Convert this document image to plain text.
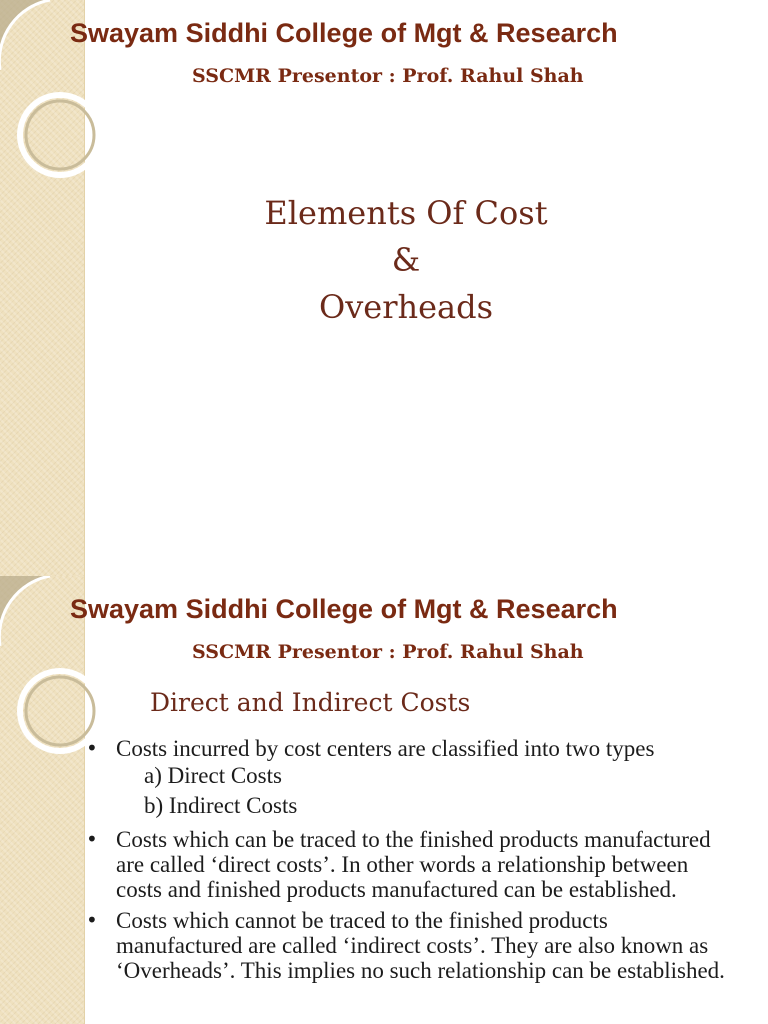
Swayam Siddhi College of Mgt & Research
SSCMR Presentor : Prof. Rahul Shah
Elements Of Cost
&
Overheads
Swayam Siddhi College of Mgt & Research
SSCMR Presentor : Prof. Rahul Shah
Direct and Indirect Costs
• Costs incurred by cost centers are classified into two types
a) Direct Costs
b) Indirect Costs
• Costs which can be traced to the finished products manufactured are called ‘direct costs’. In other words a relationship between costs and finished products manufactured can be established.
• Costs which cannot be traced to the finished products manufactured are called ‘indirect costs’. They are also known as ‘Overheads’. This implies no such relationship can be established.
